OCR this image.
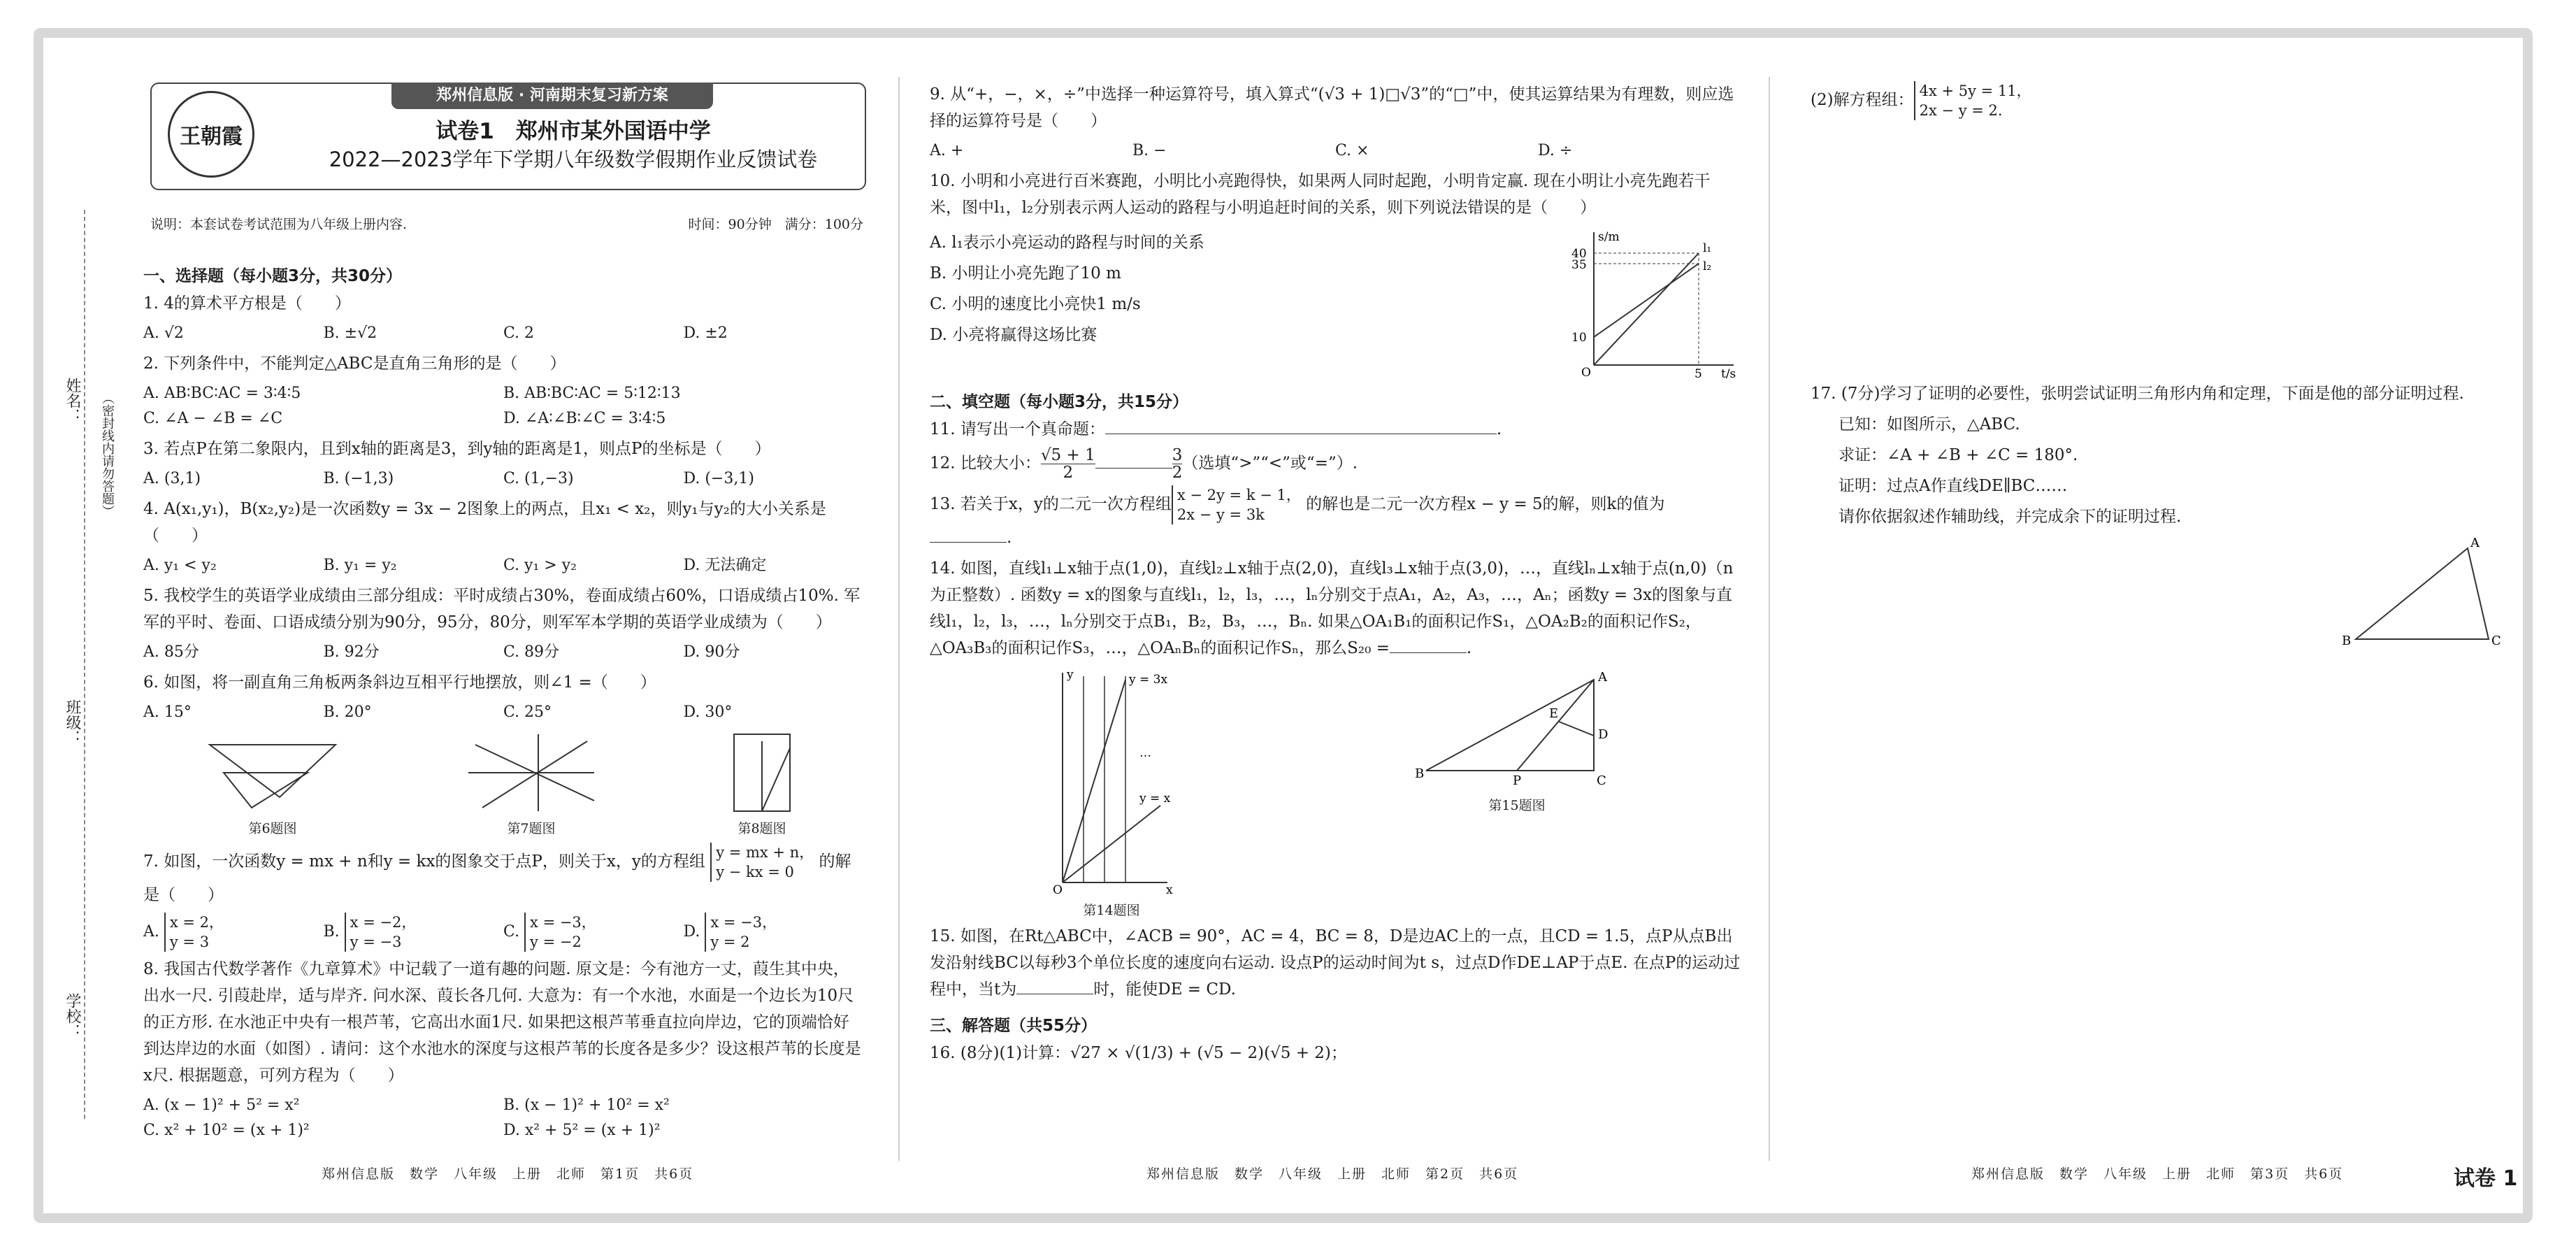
郑州信息版 · 河南期末复习新方案
王朝霞	试卷1　郑州市某外国语中学
2022—2023学年下学期八年级数学假期作业反馈试卷
说明：本套试卷考试范围为八年级上册内容.	时间：90分钟　满分：100分
姓名： （密封线内请勿答题）
班级：
学校：
一、选择题（每小题3分，共30分）
1. 4的算术平方根是（　　）
A. √2	B. ±√2	C. 2	D. ±2
2. 下列条件中，不能判定△ABC是直角三角形的是（　　）
A. AB∶BC∶AC = 3∶4∶5	B. AB∶BC∶AC = 5∶12∶13
C. ∠A − ∠B = ∠C	D. ∠A∶∠B∶∠C = 3∶4∶5
3. 若点P在第二象限内，且到x轴的距离是3，到y轴的距离是1，则点P的坐标是（　　）
A. (3,1)	B. (−1,3)	C. (1,−3)	D. (−3,1)
4. A(x₁,y₁)，B(x₂,y₂)是一次函数y = 3x − 2图象上的两点，且x₁ < x₂，则y₁与y₂的大小关系是（　　）
A. y₁ < y₂	B. y₁ = y₂	C. y₁ > y₂	D. 无法确定
5. 我校学生的英语学业成绩由三部分组成：平时成绩占30%，卷面成绩占60%，口语成绩占10%. 军军的平时、卷面、口语成绩分别为90分，95分，80分，则军军本学期的英语学业成绩为（　　）
A. 85分	B. 92分	C. 89分	D. 90分
6. 如图，将一副直角三角板两条斜边互相平行地摆放，则∠1 =（　　）
A. 15°	B. 20°	C. 25°	D. 30°
第6题图	第7题图	第8题图
7. 如图，一次函数y = mx + n和y = kx的图象交于点P，则关于x，y的方程组 y = mx + n，
y − kx = 0 的解是（　　）
A. x = 2，
y = 3
B. x = −2，
y = −3
C. x = −3，
y = −2
D. x = −3，
y = 2
8. 我国古代数学著作《九章算术》中记载了一道有趣的问题. 原文是：今有池方一丈，葭生其中央，出水一尺. 引葭赴岸，适与岸齐. 问水深、葭长各几何. 大意为：有一个水池，水面是一个边长为10尺的正方形. 在水池正中央有一根芦苇，它高出水面1尺. 如果把这根芦苇垂直拉向岸边，它的顶端恰好到达岸边的水面（如图）. 请问：这个水池水的深度与这根芦苇的长度各是多少？设这根芦苇的长度是x尺. 根据题意，可列方程为（　　）
A. (x − 1)² + 5² = x²	B. (x − 1)² + 10² = x²
C. x² + 10² = (x + 1)²	D. x² + 5² = (x + 1)²
9. 从“+，−，×，÷”中选择一种运算符号，填入算式“(√3 + 1)□√3”的“□”中，使其运算结果为有理数，则应选择的运算符号是（　　）
A. +	B. −	C. ×	D. ÷
10. 小明和小亮进行百米赛跑，小明比小亮跑得快，如果两人同时起跑，小明肯定赢. 现在小明让小亮先跑若干米，图中l₁，l₂分别表示两人运动的路程与小明追赶时间的关系，则下列说法错误的是（　　）
A. l₁表示小亮运动的路程与时间的关系
B. 小明让小亮先跑了10 m
C. 小明的速度比小亮快1 m/s
D. 小亮将赢得这场比赛
s/m
t/s
40
35
10
5
O
l₁
l₂
二、填空题（每小题3分，共15分）
11. 请写出一个真命题：	.
12. 比较大小： $\frac{√5 + 1}{2}$	$\frac{3}{2}$ （选填“>”“<”或“=”）.
13. 若关于x，y的二元一次方程组 x − 2y = k − 1，
2x − y = 3k 的解也是二元一次方程x − y = 5的解，则k的值为.
14. 如图，直线l₁⊥x轴于点(1,0)，直线l₂⊥x轴于点(2,0)，直线l₃⊥x轴于点(3,0)，…，直线lₙ⊥x轴于点(n,0)（n为正整数）. 函数y = x的图象与直线l₁，l₂，l₃，…，lₙ分别交于点A₁，A₂，A₃，…，Aₙ；函数y = 3x的图象与直线l₁，l₂，l₃，…，lₙ分别交于点B₁，B₂，B₃，…，Bₙ. 如果△OA₁B₁的面积记作S₁，△OA₂B₂的面积记作S₂，△OA₃B₃的面积记作S₃，…，△OAₙBₙ的面积记作Sₙ，那么S₂₀ =	.
y = 3x
y = x
…
O	x
y
第14题图
B	C
A
D
E
P
第15题图
15. 如图，在Rt△ABC中，∠ACB = 90°，AC = 4，BC = 8，D是边AC上的一点，且CD = 1.5，点P从点B出发沿射线BC以每秒3个单位长度的速度向右运动. 设点P的运动时间为t s，过点D作DE⊥AP于点E. 在点P的运动过程中，当t为	时，能使DE = CD.
三、解答题（共55分）
16. (8分)(1)计算：√27 × √(1/3) + (√5 − 2)(√5 + 2)；
(2)解方程组： 4x + 5y = 11，
2x − y = 2.
17. (7分)学习了证明的必要性，张明尝试证明三角形内角和定理，下面是他的部分证明过程.
已知：如图所示，△ABC.
求证：∠A + ∠B + ∠C = 180°.
证明：过点A作直线DE∥BC……
请你依据叙述作辅助线，并完成余下的证明过程.
B	C
A
郑州信息版　数学　八年级　上册　北师　第1页　共6页	郑州信息版　数学　八年级　上册　北师　第2页　共6页	郑州信息版　数学　八年级　上册　北师　第3页　共6页	试卷 1
